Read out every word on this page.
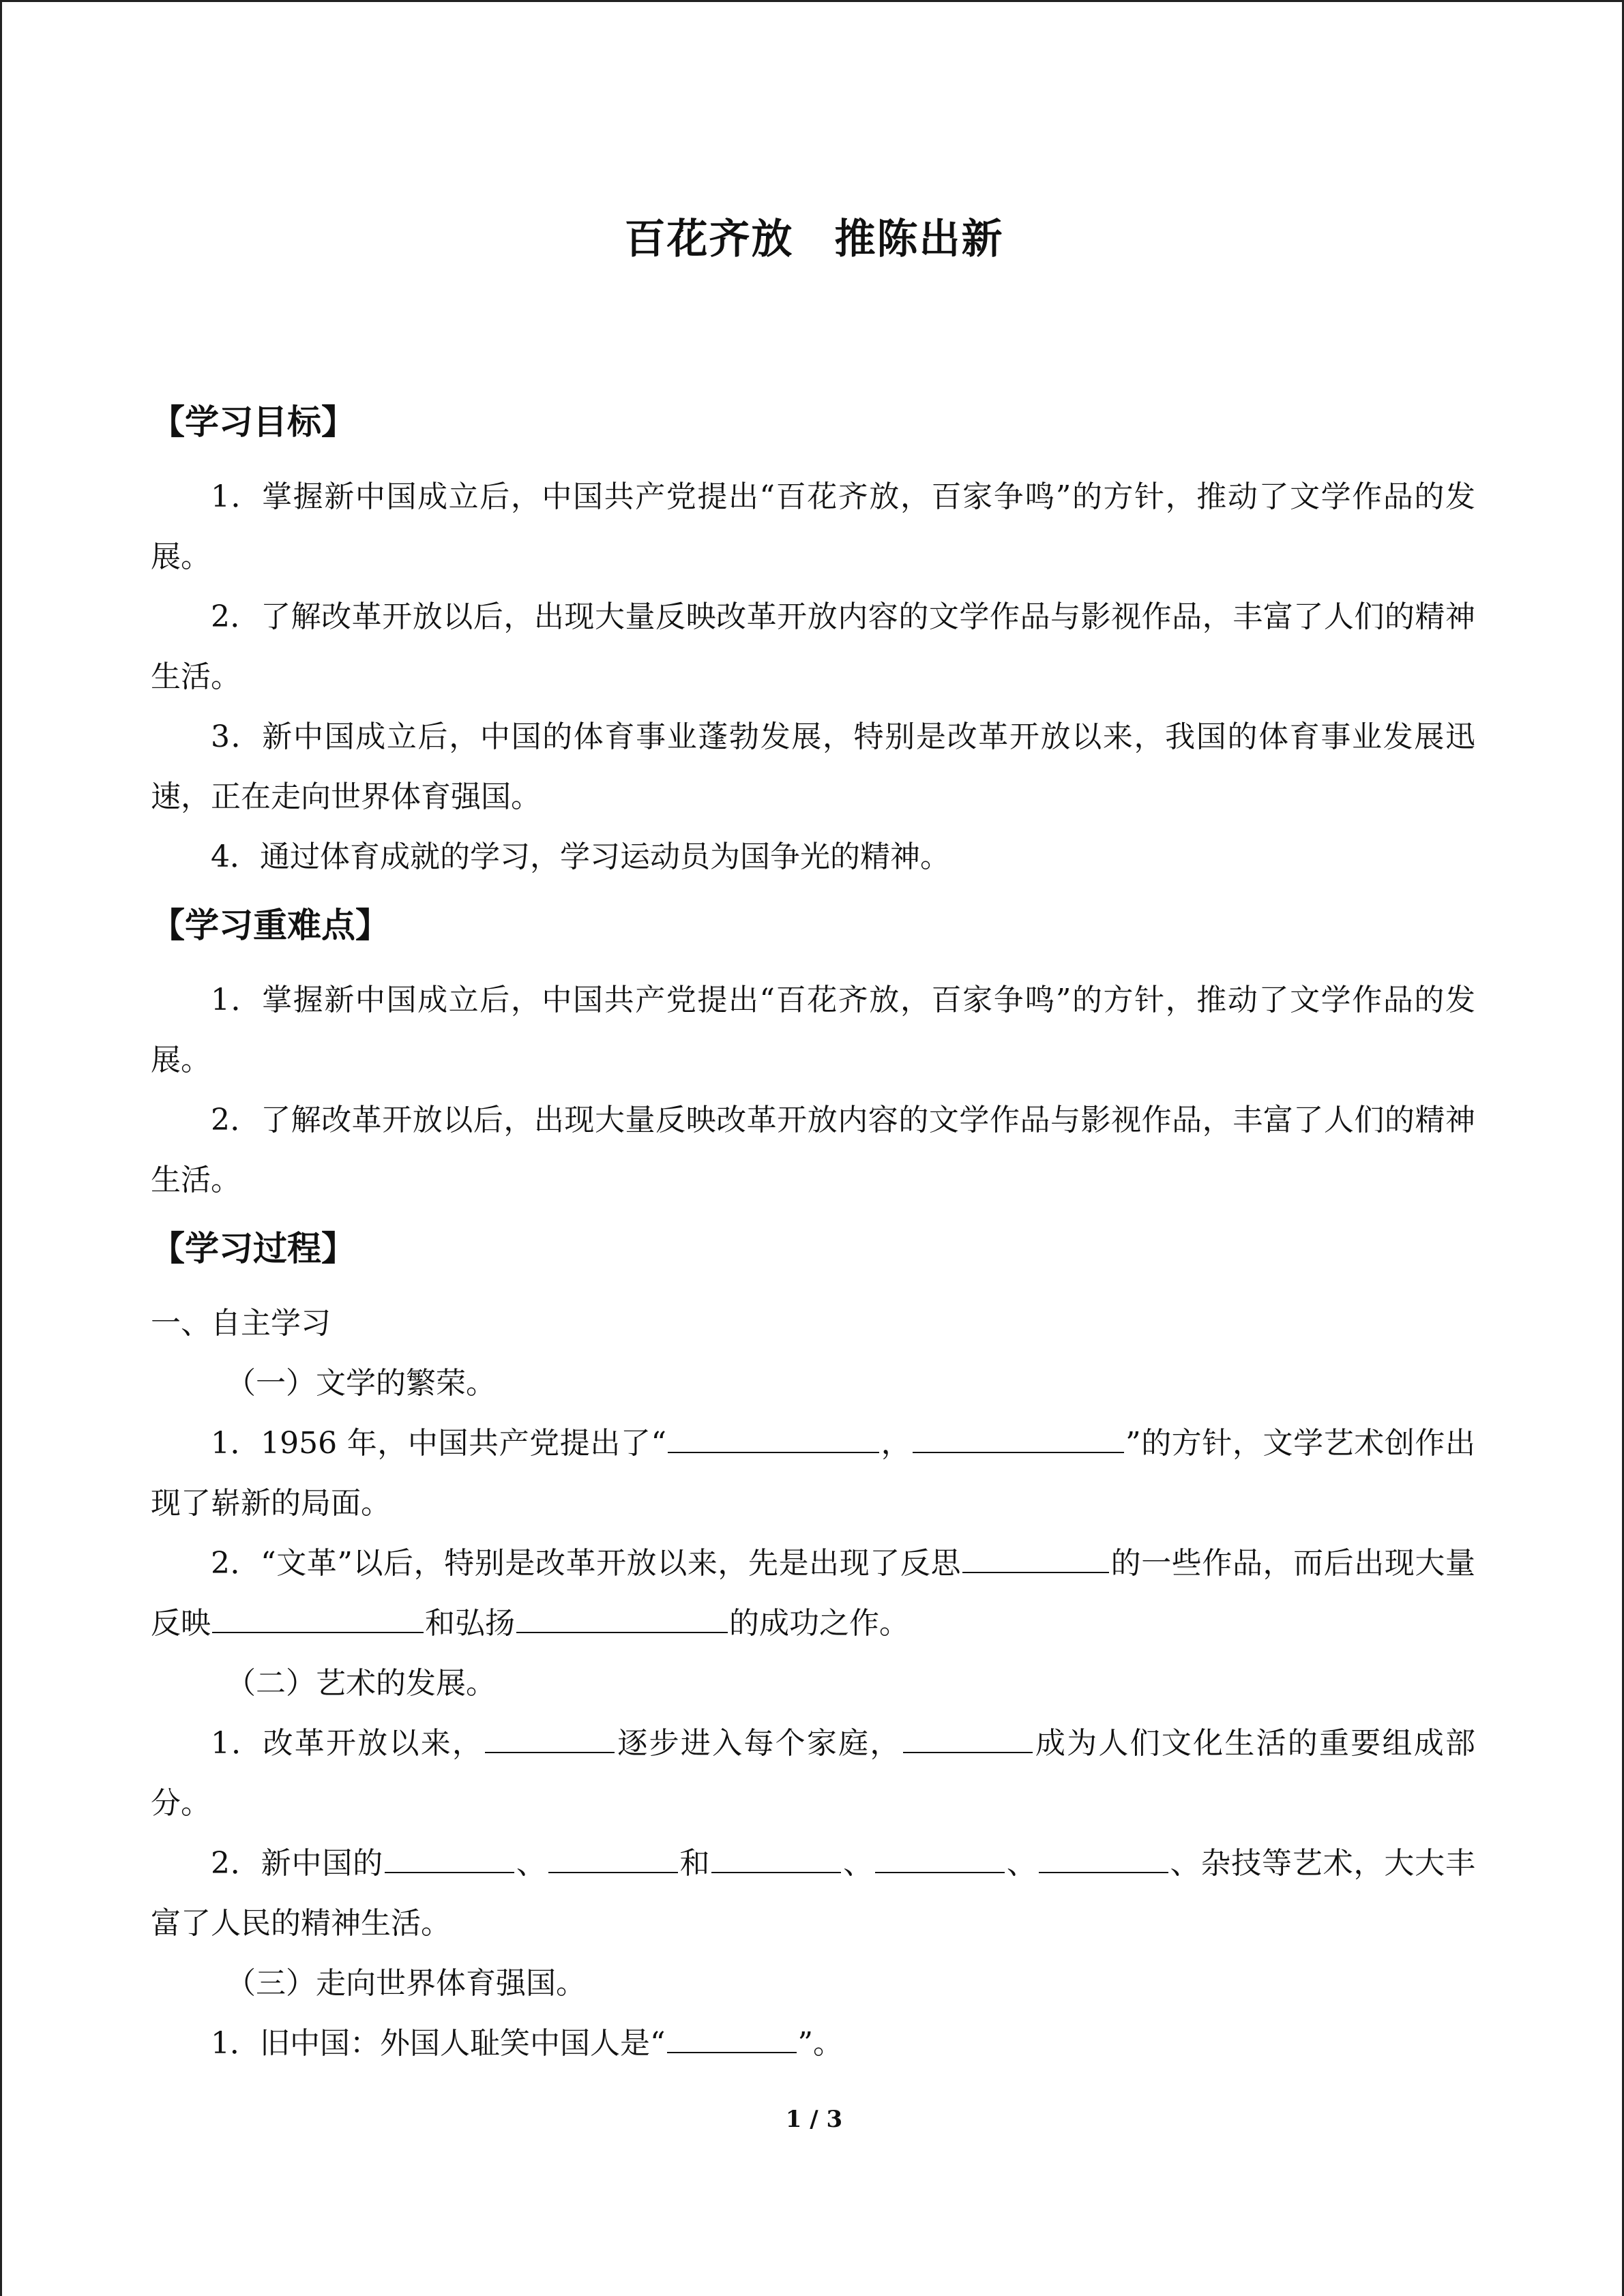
百花齐放 推陈出新
【学习目标】

1．掌握新中国成立后，中国共产党提出“百花齐放，百家争鸣”的方针，推动了文学作品的发展。

2．了解改革开放以后，出现大量反映改革开放内容的文学作品与影视作品，丰富了人们的精神生活。

3．新中国成立后，中国的体育事业蓬勃发展，特别是改革开放以来，我国的体育事业发展迅速，正在走向世界体育强国。

4．通过体育成就的学习，学习运动员为国争光的精神。

【学习重难点】

1．掌握新中国成立后，中国共产党提出“百花齐放，百家争鸣”的方针，推动了文学作品的发展。

2．了解改革开放以后，出现大量反映改革开放内容的文学作品与影视作品，丰富了人们的精神生活。

【学习过程】

一、自主学习

（一）文学的繁荣。

1．1956 年，中国共产党提出了“	，	”的方针，文学艺术创作出现了崭新的局面。

2．“文革”以后，特别是改革开放以来，先是出现了反思	的一些作品，而后出现大量反映	和弘扬	的成功之作。

（二）艺术的发展。

1．改革开放以来，	逐步进入每个家庭，	成为人们文化生活的重要组成部分。

2．新中国的	、	和	、	、	、杂技等艺术，大大丰富了人民的精神生活。

（三）走向世界体育强国。

1．旧中国：外国人耻笑中国人是“	”。

1 / 3
